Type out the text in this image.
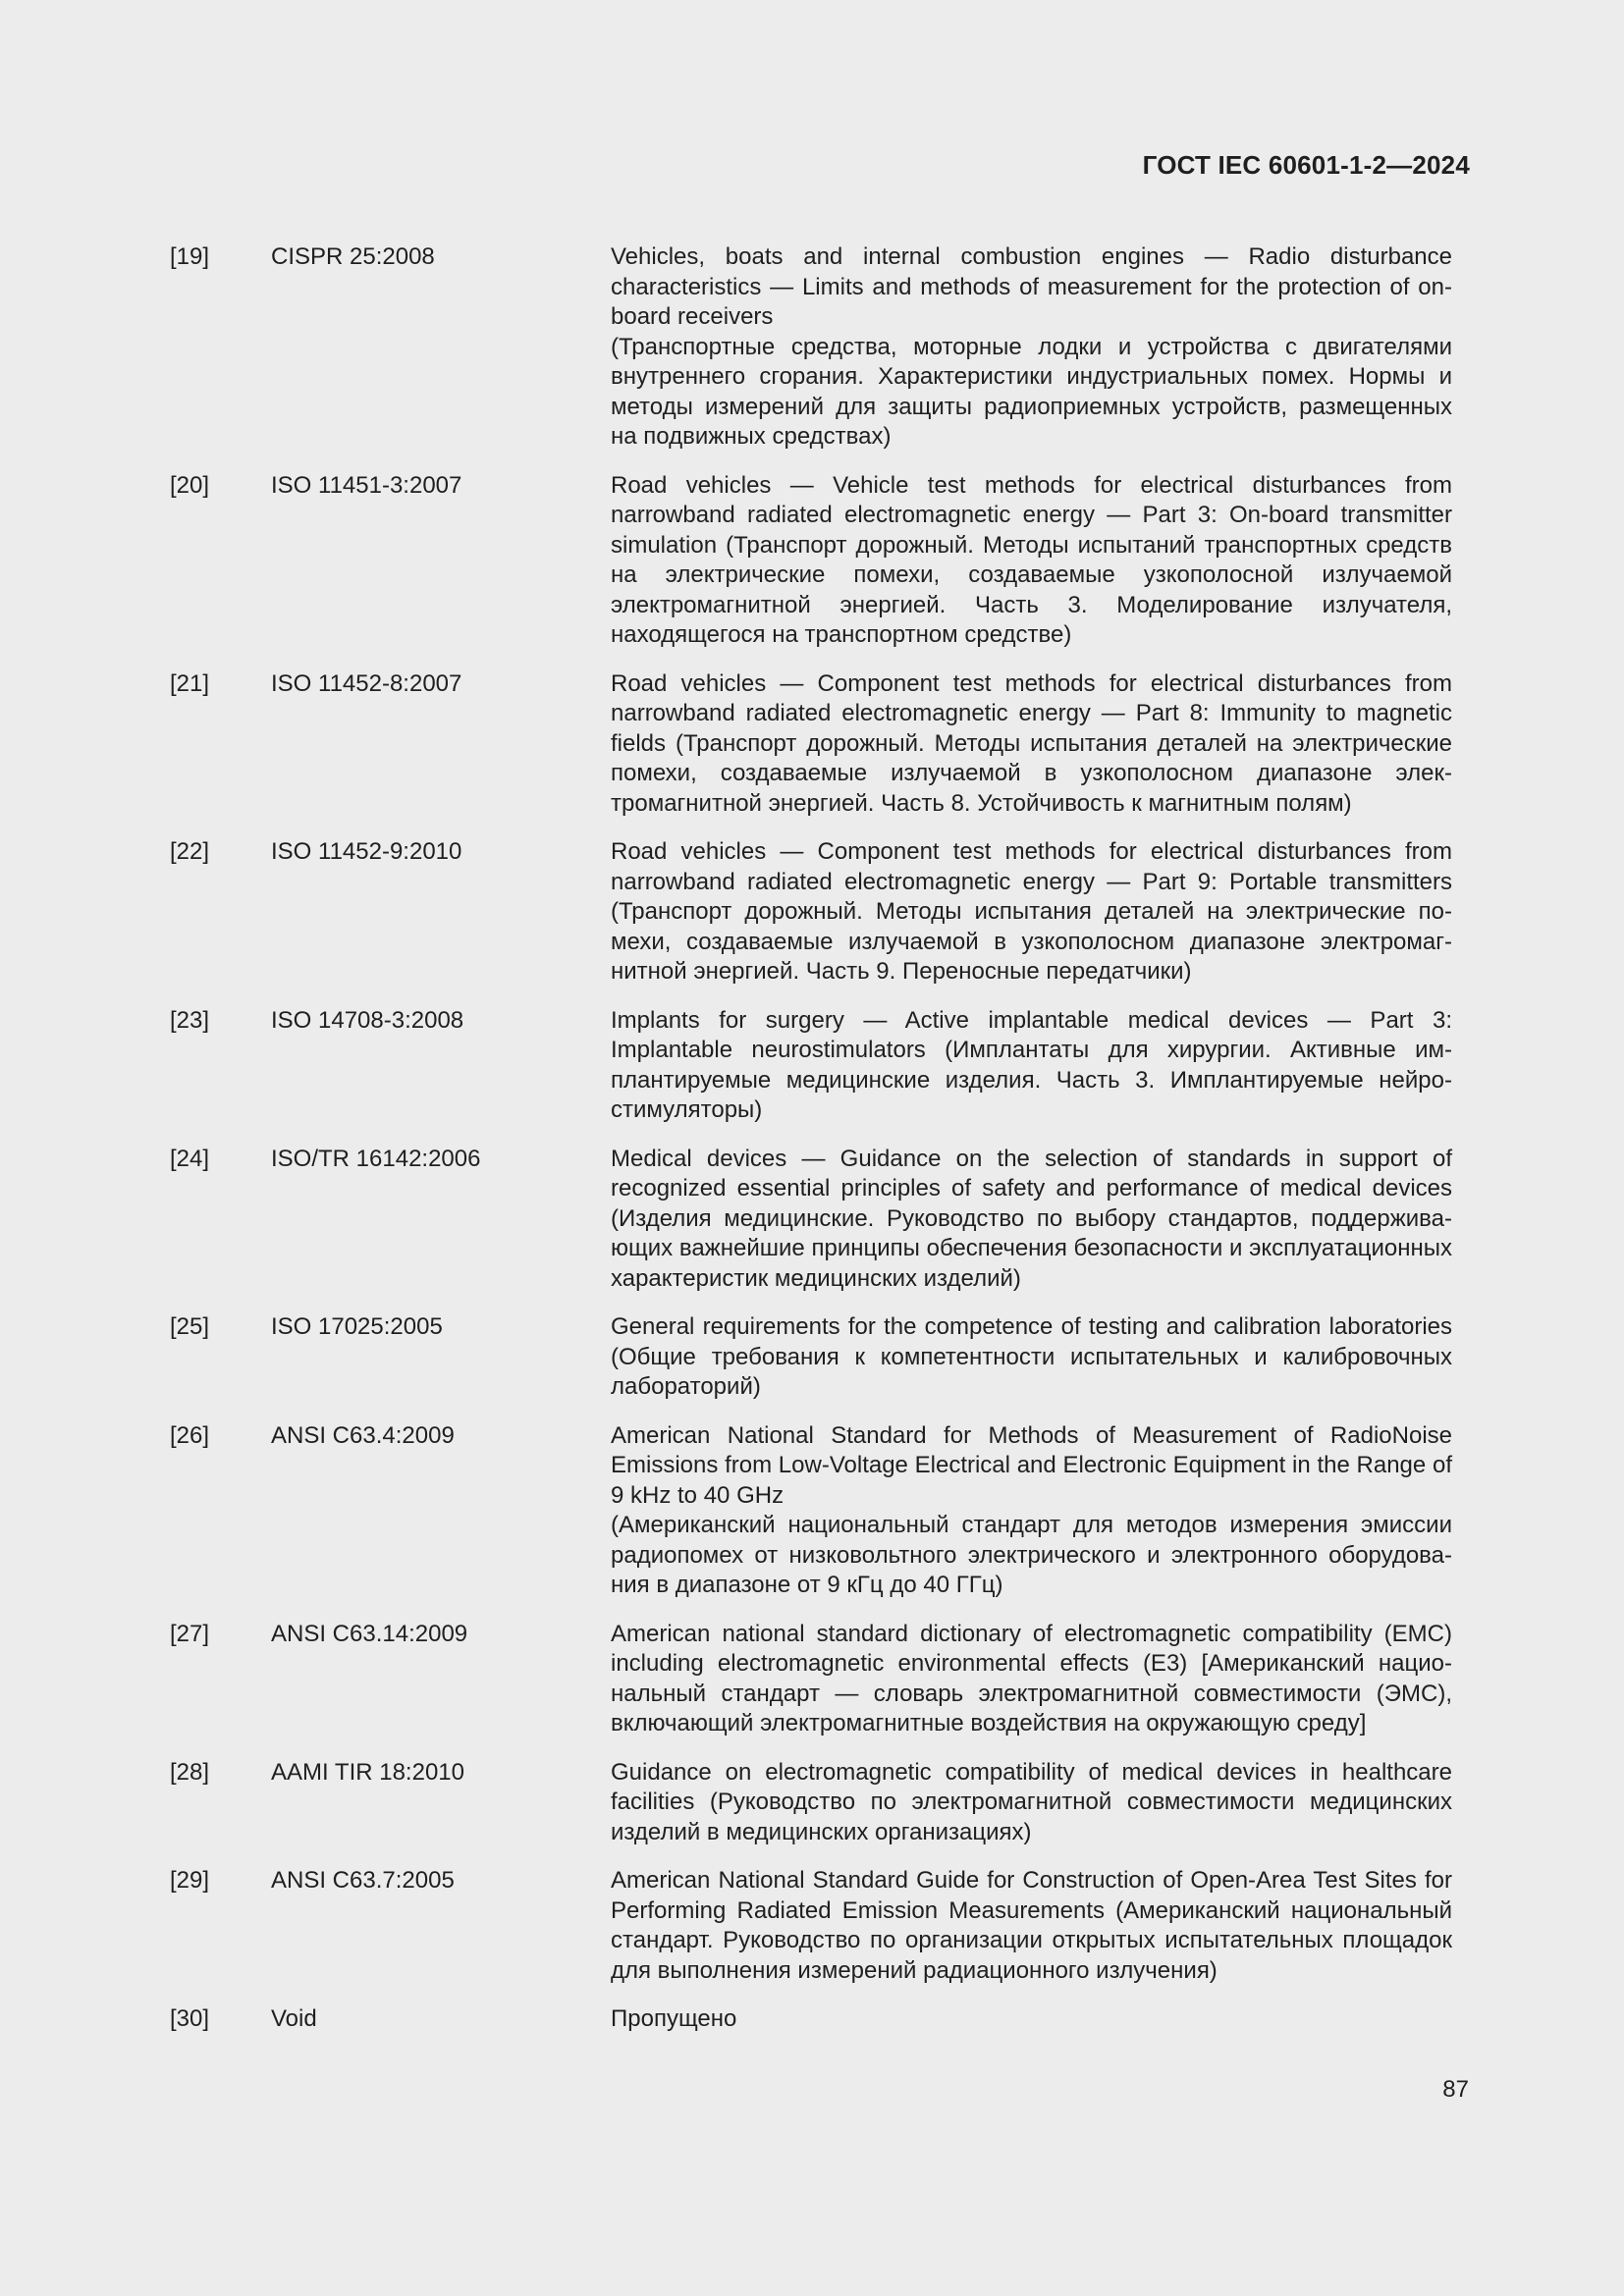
ГОСТ IEC 60601-1-2—2024
[19]	CISPR 25:2008	Vehicles, boats and internal combustion engines — Radio disturbance characteristics — Limits and methods of measurement for the protection of on-board receivers

(Транспортные средства, моторные лодки и устройства с двигателями внутреннего сгорания. Характеристики индустриальных помех. Нормы и методы измерений для защиты радиоприемных устройств, размещенных на подвижных средствах)

[20]	ISO 11451-3:2007	Road vehicles — Vehicle test methods for electrical disturbances from narrowband radiated electromagnetic energy — Part 3: On-board transmitter simulation (Транспорт дорожный. Методы испытаний транспортных средств на электрические помехи, создаваемые узкополосной излучаемой электромагнитной энергией. Часть 3. Моделирование излучателя, находящегося на транспортном средстве)

[21]	ISO 11452-8:2007	Road vehicles — Component test methods for electrical disturbances from narrowband radiated electromagnetic energy — Part 8: Immunity to magnetic fields (Транспорт дорожный. Методы испытания деталей на электрические помехи, создаваемые излучаемой в узкополосном диапазоне электромагнитной энергией. Часть 8. Устойчивость к магнитным полям)

[22]	ISO 11452-9:2010	Road vehicles — Component test methods for electrical disturbances from narrowband radiated electromagnetic energy — Part 9: Portable transmitters (Транспорт дорожный. Методы испытания деталей на электрические помехи, создаваемые излучаемой в узкополосном диапазоне электромагнитной энергией. Часть 9. Переносные передатчики)

[23]	ISO 14708-3:2008	Implants for surgery — Active implantable medical devices — Part 3: Implantable neurostimulators (Имплантаты для хирургии. Активные имплантируемые медицинские изделия. Часть 3. Имплантируемые нейростимуляторы)

[24]	ISO/TR 16142:2006	Medical devices — Guidance on the selection of standards in support of recognized essential principles of safety and performance of medical devices (Изделия медицинские. Руководство по выбору стандартов, поддерживающих важнейшие принципы обеспечения безопасности и эксплуатационных характеристик медицинских изделий)

[25]	ISO 17025:2005	General requirements for the competence of testing and calibration laboratories (Общие требования к компетентности испытательных и калибровочных лабораторий)

[26]	ANSI C63.4:2009	American National Standard for Methods of Measurement of RadioNoise Emissions from Low-Voltage Electrical and Electronic Equipment in the Range of 9 kHz to 40 GHz

(Американский национальный стандарт для методов измерения эмиссии радиопомех от низковольтного электрического и электронного оборудования в диапазоне от 9 кГц до 40 ГГц)

[27]	ANSI C63.14:2009	American national standard dictionary of electromagnetic compatibility (EMC) including electromagnetic environmental effects (E3) [Американский национальный стандарт — словарь электромагнитной совместимости (ЭМС), включающий электромагнитные воздействия на окружающую среду]

[28]	AAMI TIR 18:2010	Guidance on electromagnetic compatibility of medical devices in healthcare facilities (Руководство по электромагнитной совместимости медицинских изделий в медицинских организациях)

[29]	ANSI C63.7:2005	American National Standard Guide for Construction of Open-Area Test Sites for Performing Radiated Emission Measurements (Американский национальный стандарт. Руководство по организации открытых испытательных площадок для выполнения измерений радиационного излучения)

[30]	Void	Пропущено

87
